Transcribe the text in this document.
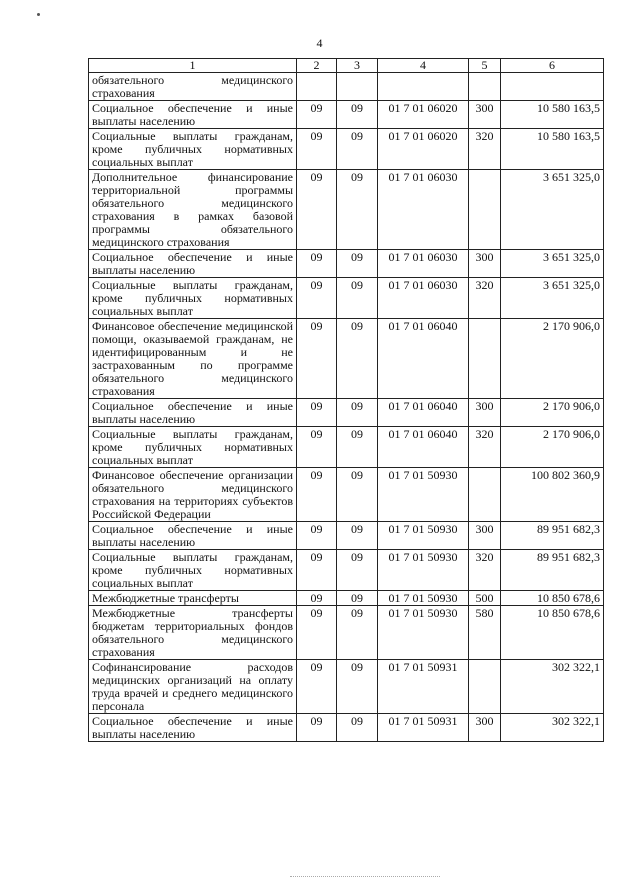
4
1	2	3	4	5	6
обязательного медицинского страхования					
Социальное обеспечение и иные выплаты населению	09	09	01 7 01 06020	300	10 580 163,5
Социальные выплаты гражданам, кроме публичных нормативных социальных выплат	09	09	01 7 01 06020	320	10 580 163,5
Дополнительное финансирование территориальной программы обязательного медицинского страхования в рамках базовой программы обязательного медицинского страхования	09	09	01 7 01 06030		3 651 325,0
Социальное обеспечение и иные выплаты населению	09	09	01 7 01 06030	300	3 651 325,0
Социальные выплаты гражданам, кроме публичных нормативных социальных выплат	09	09	01 7 01 06030	320	3 651 325,0
Финансовое обеспечение медицинской помощи, оказываемой гражданам, не идентифицированным и не застрахованным по программе обязательного медицинского страхования	09	09	01 7 01 06040		2 170 906,0
Социальное обеспечение и иные выплаты населению	09	09	01 7 01 06040	300	2 170 906,0
Социальные выплаты гражданам, кроме публичных нормативных социальных выплат	09	09	01 7 01 06040	320	2 170 906,0
Финансовое обеспечение организации обязательного медицинского страхования на территориях субъектов Российской Федерации	09	09	01 7 01 50930		100 802 360,9
Социальное обеспечение и иные выплаты населению	09	09	01 7 01 50930	300	89 951 682,3
Социальные выплаты гражданам, кроме публичных нормативных социальных выплат	09	09	01 7 01 50930	320	89 951 682,3
Межбюджетные трансферты	09	09	01 7 01 50930	500	10 850 678,6
Межбюджетные трансферты бюджетам территориальных фондов обязательного медицинского страхования	09	09	01 7 01 50930	580	10 850 678,6
Софинансирование расходов медицинских организаций на оплату труда врачей и среднего медицинского персонала	09	09	01 7 01 50931		302 322,1
Социальное обеспечение и иные выплаты населению	09	09	01 7 01 50931	300	302 322,1
